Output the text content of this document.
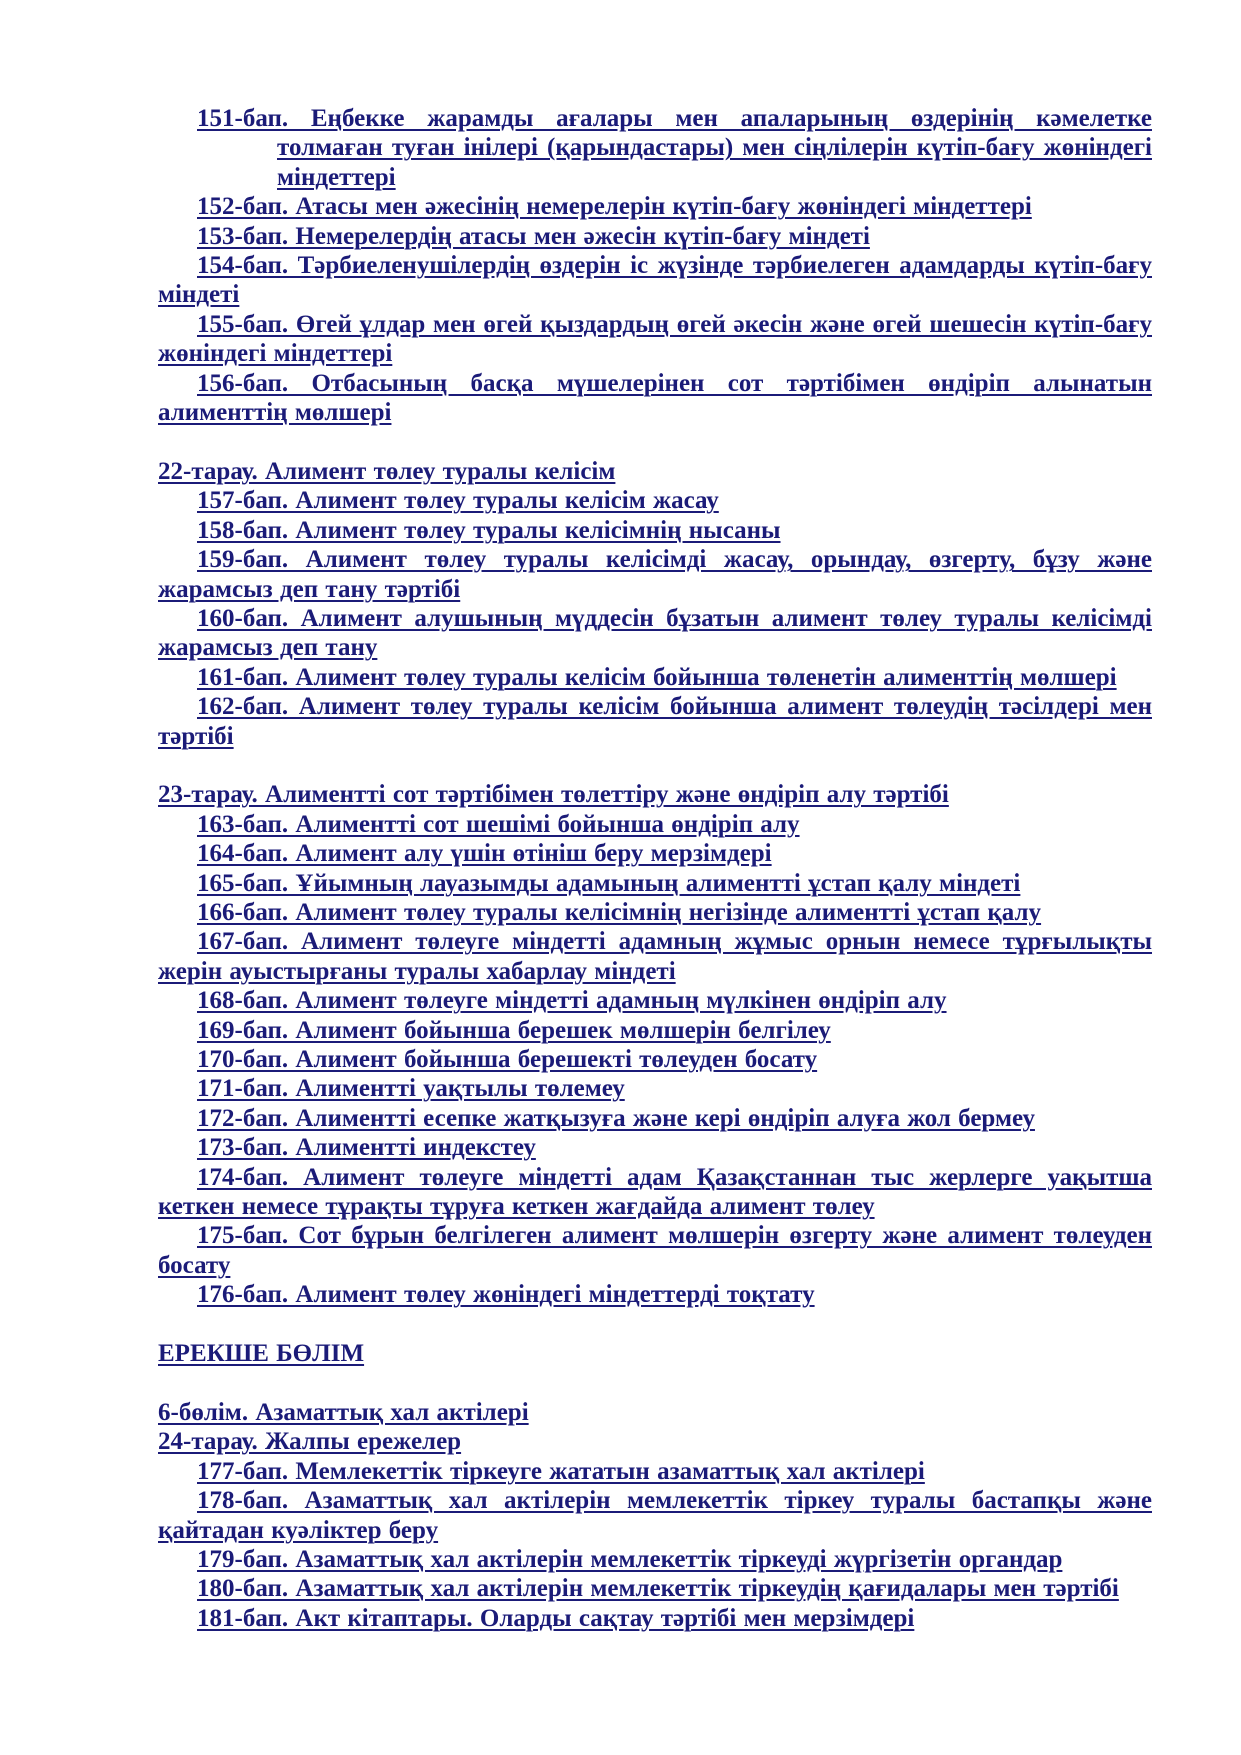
151-бап. Еңбекке жарамды ағалары мен апаларының өздерінің кәмелетке толмаған туған інілері (қарындастары) мен сіңлілерін күтіп-бағу жөніндегі міндеттері
152-бап. Атасы мен әжесінің немерелерін күтіп-бағу жөніндегі міндеттері
153-бап. Немерелердің атасы мен әжесін күтіп-бағу міндеті
154-бап. Тәрбиеленушілердің өздерін іс жүзінде тәрбиелеген адамдарды күтіп-бағу міндеті
155-бап. Өгей ұлдар мен өгей қыздардың өгей әкесін және өгей шешесін күтіп-бағу жөніндегі міндеттері
156-бап. Отбасының басқа мүшелерінен сот тәртібімен өндіріп алынатын алименттің мөлшері

22-тарау. Алимент төлеу туралы келісім
157-бап. Алимент төлеу туралы келісім жасау
158-бап. Алимент төлеу туралы келісімнің нысаны
159-бап. Алимент төлеу туралы келісімді жасау, орындау, өзгерту, бұзу және жарамсыз деп тану тәртібі
160-бап. Алимент алушының мүддесін бұзатын алимент төлеу туралы келісімді жарамсыз деп тану
161-бап. Алимент төлеу туралы келісім бойынша төленетін алименттің мөлшері
162-бап. Алимент төлеу туралы келісім бойынша алимент төлеудің тәсілдері мен тәртібі

23-тарау. Алиментті сот тәртібімен төлеттіру және өндіріп алу тәртібі
163-бап. Алиментті сот шешімі бойынша өндіріп алу
164-бап. Алимент алу үшін өтініш беру мерзімдері
165-бап. Ұйымның лауазымды адамының алиментті ұстап қалу міндеті
166-бап. Алимент төлеу туралы келісімнің негізінде алиментті ұстап қалу
167-бап. Алимент төлеуге міндетті адамның жұмыс орнын немесе тұрғылықты жерін ауыстырғаны туралы хабарлау міндеті
168-бап. Алимент төлеуге міндетті адамның мүлкінен өндіріп алу
169-бап. Алимент бойынша берешек мөлшерін белгілеу
170-бап. Алимент бойынша берешекті төлеуден босату
171-бап. Алиментті уақтылы төлемеу
172-бап. Алиментті есепке жатқызуға және кері өндіріп алуға жол бермеу
173-бап. Алиментті индекстеу
174-бап. Алимент төлеуге міндетті адам Қазақстаннан тыс жерлерге уақытша кеткен немесе тұрақты тұруға кеткен жағдайда алимент төлеу
175-бап. Сот бұрын белгілеген алимент мөлшерін өзгерту және алимент төлеуден босату
176-бап. Алимент төлеу жөніндегі міндеттерді тоқтату

ЕРЕКШЕ БӨЛІМ

6-бөлім. Азаматтық хал актілері
24-тарау. Жалпы ережелер
177-бап. Мемлекеттік тіркеуге жататын азаматтық хал актілері
178-бап. Азаматтық хал актілерін мемлекеттік тіркеу туралы бастапқы және қайтадан куәліктер беру
179-бап. Азаматтық хал актілерін мемлекеттік тіркеуді жүргізетін органдар
180-бап. Азаматтық хал актілерін мемлекеттік тіркеудің қағидалары мен тәртібі
181-бап. Акт кітаптары. Оларды сақтау тәртібі мен мерзімдері
